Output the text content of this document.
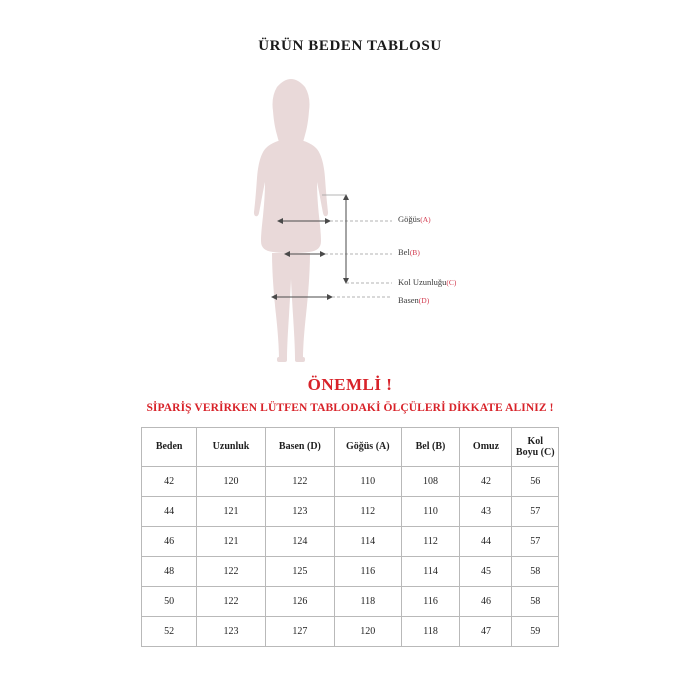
ÜRÜN BEDEN TABLOSU
Göğüs(A)
Bel(B)
Kol Uzunluğu(C)
Basen(D)
ÖNEMLİ !
SİPARİŞ VERİRKEN LÜTFEN TABLODAKİ ÖLÇÜLERİ DİKKATE ALINIZ !
Beden	Uzunluk	Basen (D)	Göğüs (A)	Bel (B)	Omuz	Kol Boyu (C)
42	120	122	110	108	42	56
44	121	123	112	110	43	57
46	121	124	114	112	44	57
48	122	125	116	114	45	58
50	122	126	118	116	46	58
52	123	127	120	118	47	59
